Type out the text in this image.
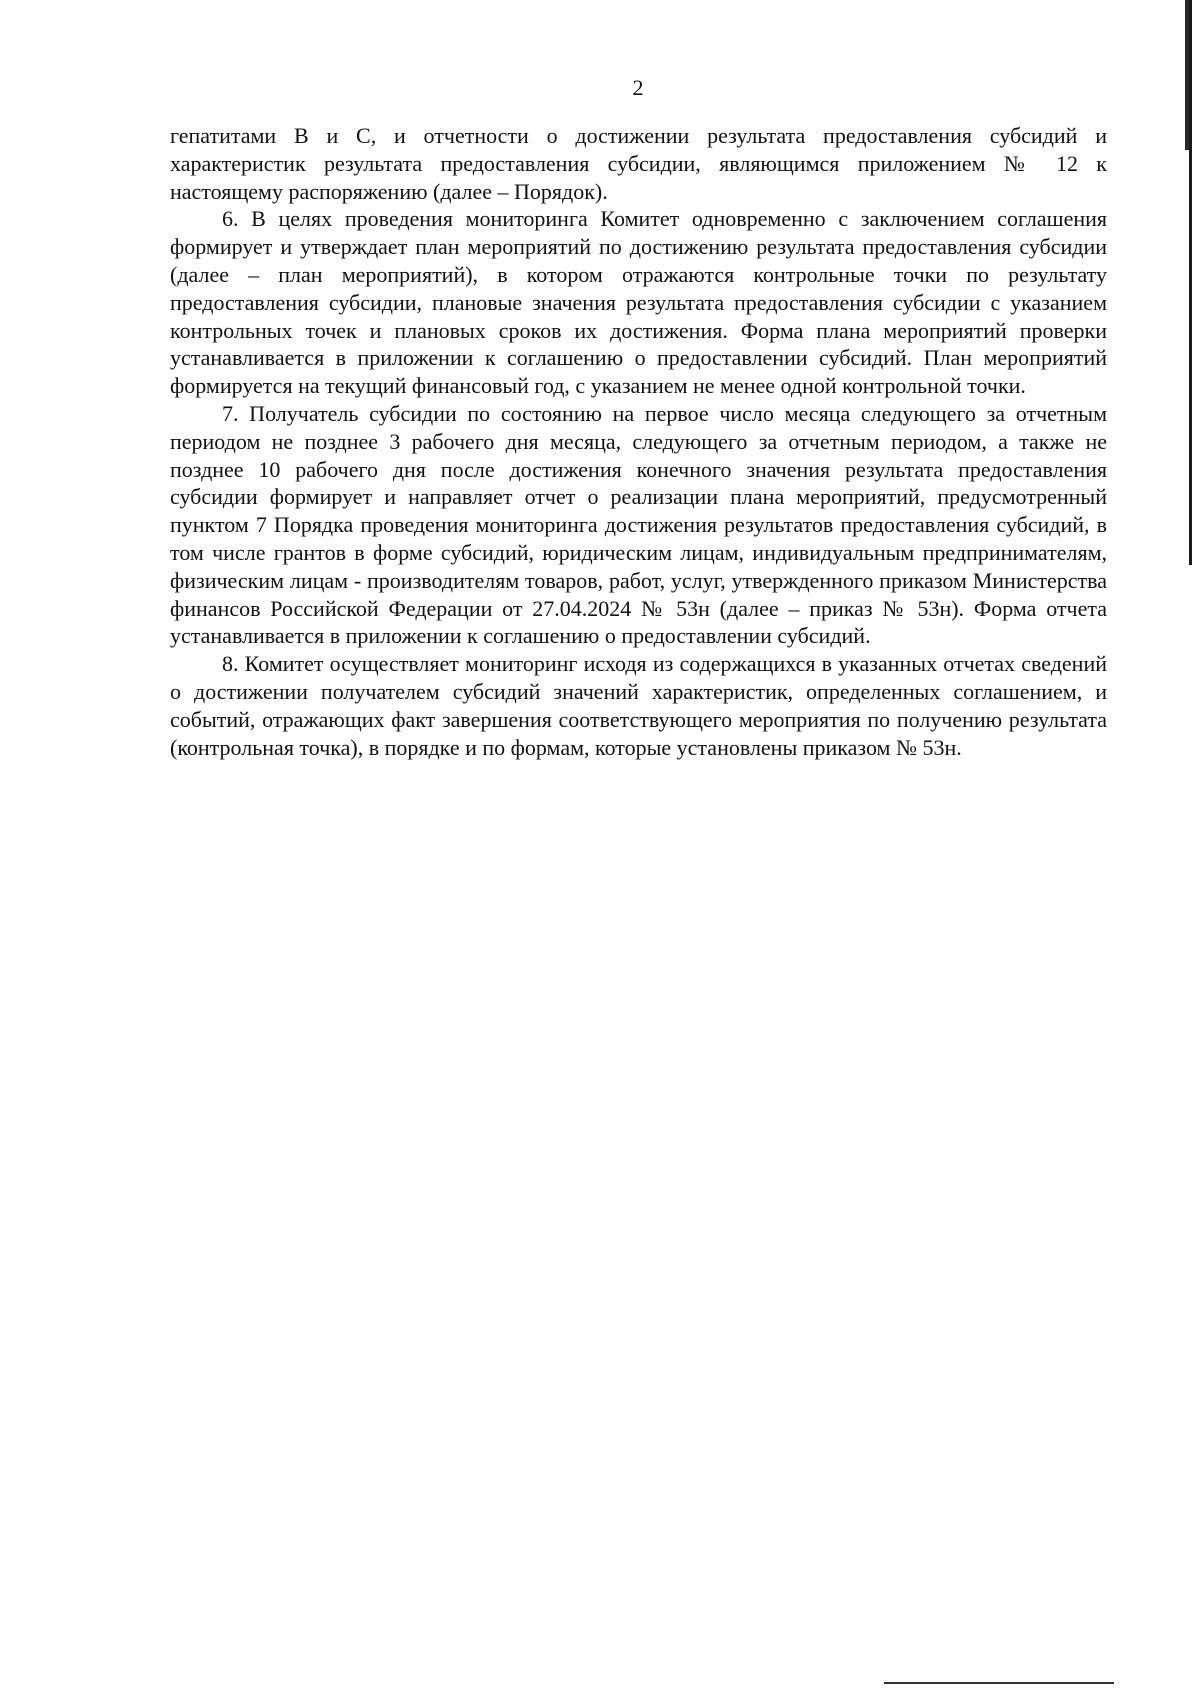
2

гепатитами B и C, и отчетности о достижении результата предоставления субсидий и характеристик результата предоставления субсидии, являющимся приложением № 12 к настоящему распоряжению (далее – Порядок).

6. В целях проведения мониторинга Комитет одновременно с заключением соглашения формирует и утверждает план мероприятий по достижению результата предоставления субсидии (далее – план мероприятий), в котором отражаются контрольные точки по результату предоставления субсидии, плановые значения результата предоставления субсидии с указанием контрольных точек и плановых сроков их достижения. Форма плана мероприятий проверки устанавливается в приложении к соглашению о предоставлении субсидий. План мероприятий формируется на текущий финансовый год, с указанием не менее одной контрольной точки.

7. Получатель субсидии по состоянию на первое число месяца следующего за отчетным периодом не позднее 3 рабочего дня месяца, следующего за отчетным периодом, а также не позднее 10 рабочего дня после достижения конечного значения результата предоставления субсидии формирует и направляет отчет о реализации плана мероприятий, предусмотренный пунктом 7 Порядка проведения мониторинга достижения результатов предоставления субсидий, в том числе грантов в форме субсидий, юридическим лицам, индивидуальным предпринимателям, физическим лицам - производителям товаров, работ, услуг, утвержденного приказом Министерства финансов Российской Федерации от 27.04.2024 № 53н (далее – приказ № 53н). Форма отчета устанавливается в приложении к соглашению о предоставлении субсидий.

8. Комитет осуществляет мониторинг исходя из содержащихся в указанных отчетах сведений о достижении получателем субсидий значений характеристик, определенных соглашением, и событий, отражающих факт завершения соответствующего мероприятия по получению результата (контрольная точка), в порядке и по формам, которые установлены приказом № 53н.
